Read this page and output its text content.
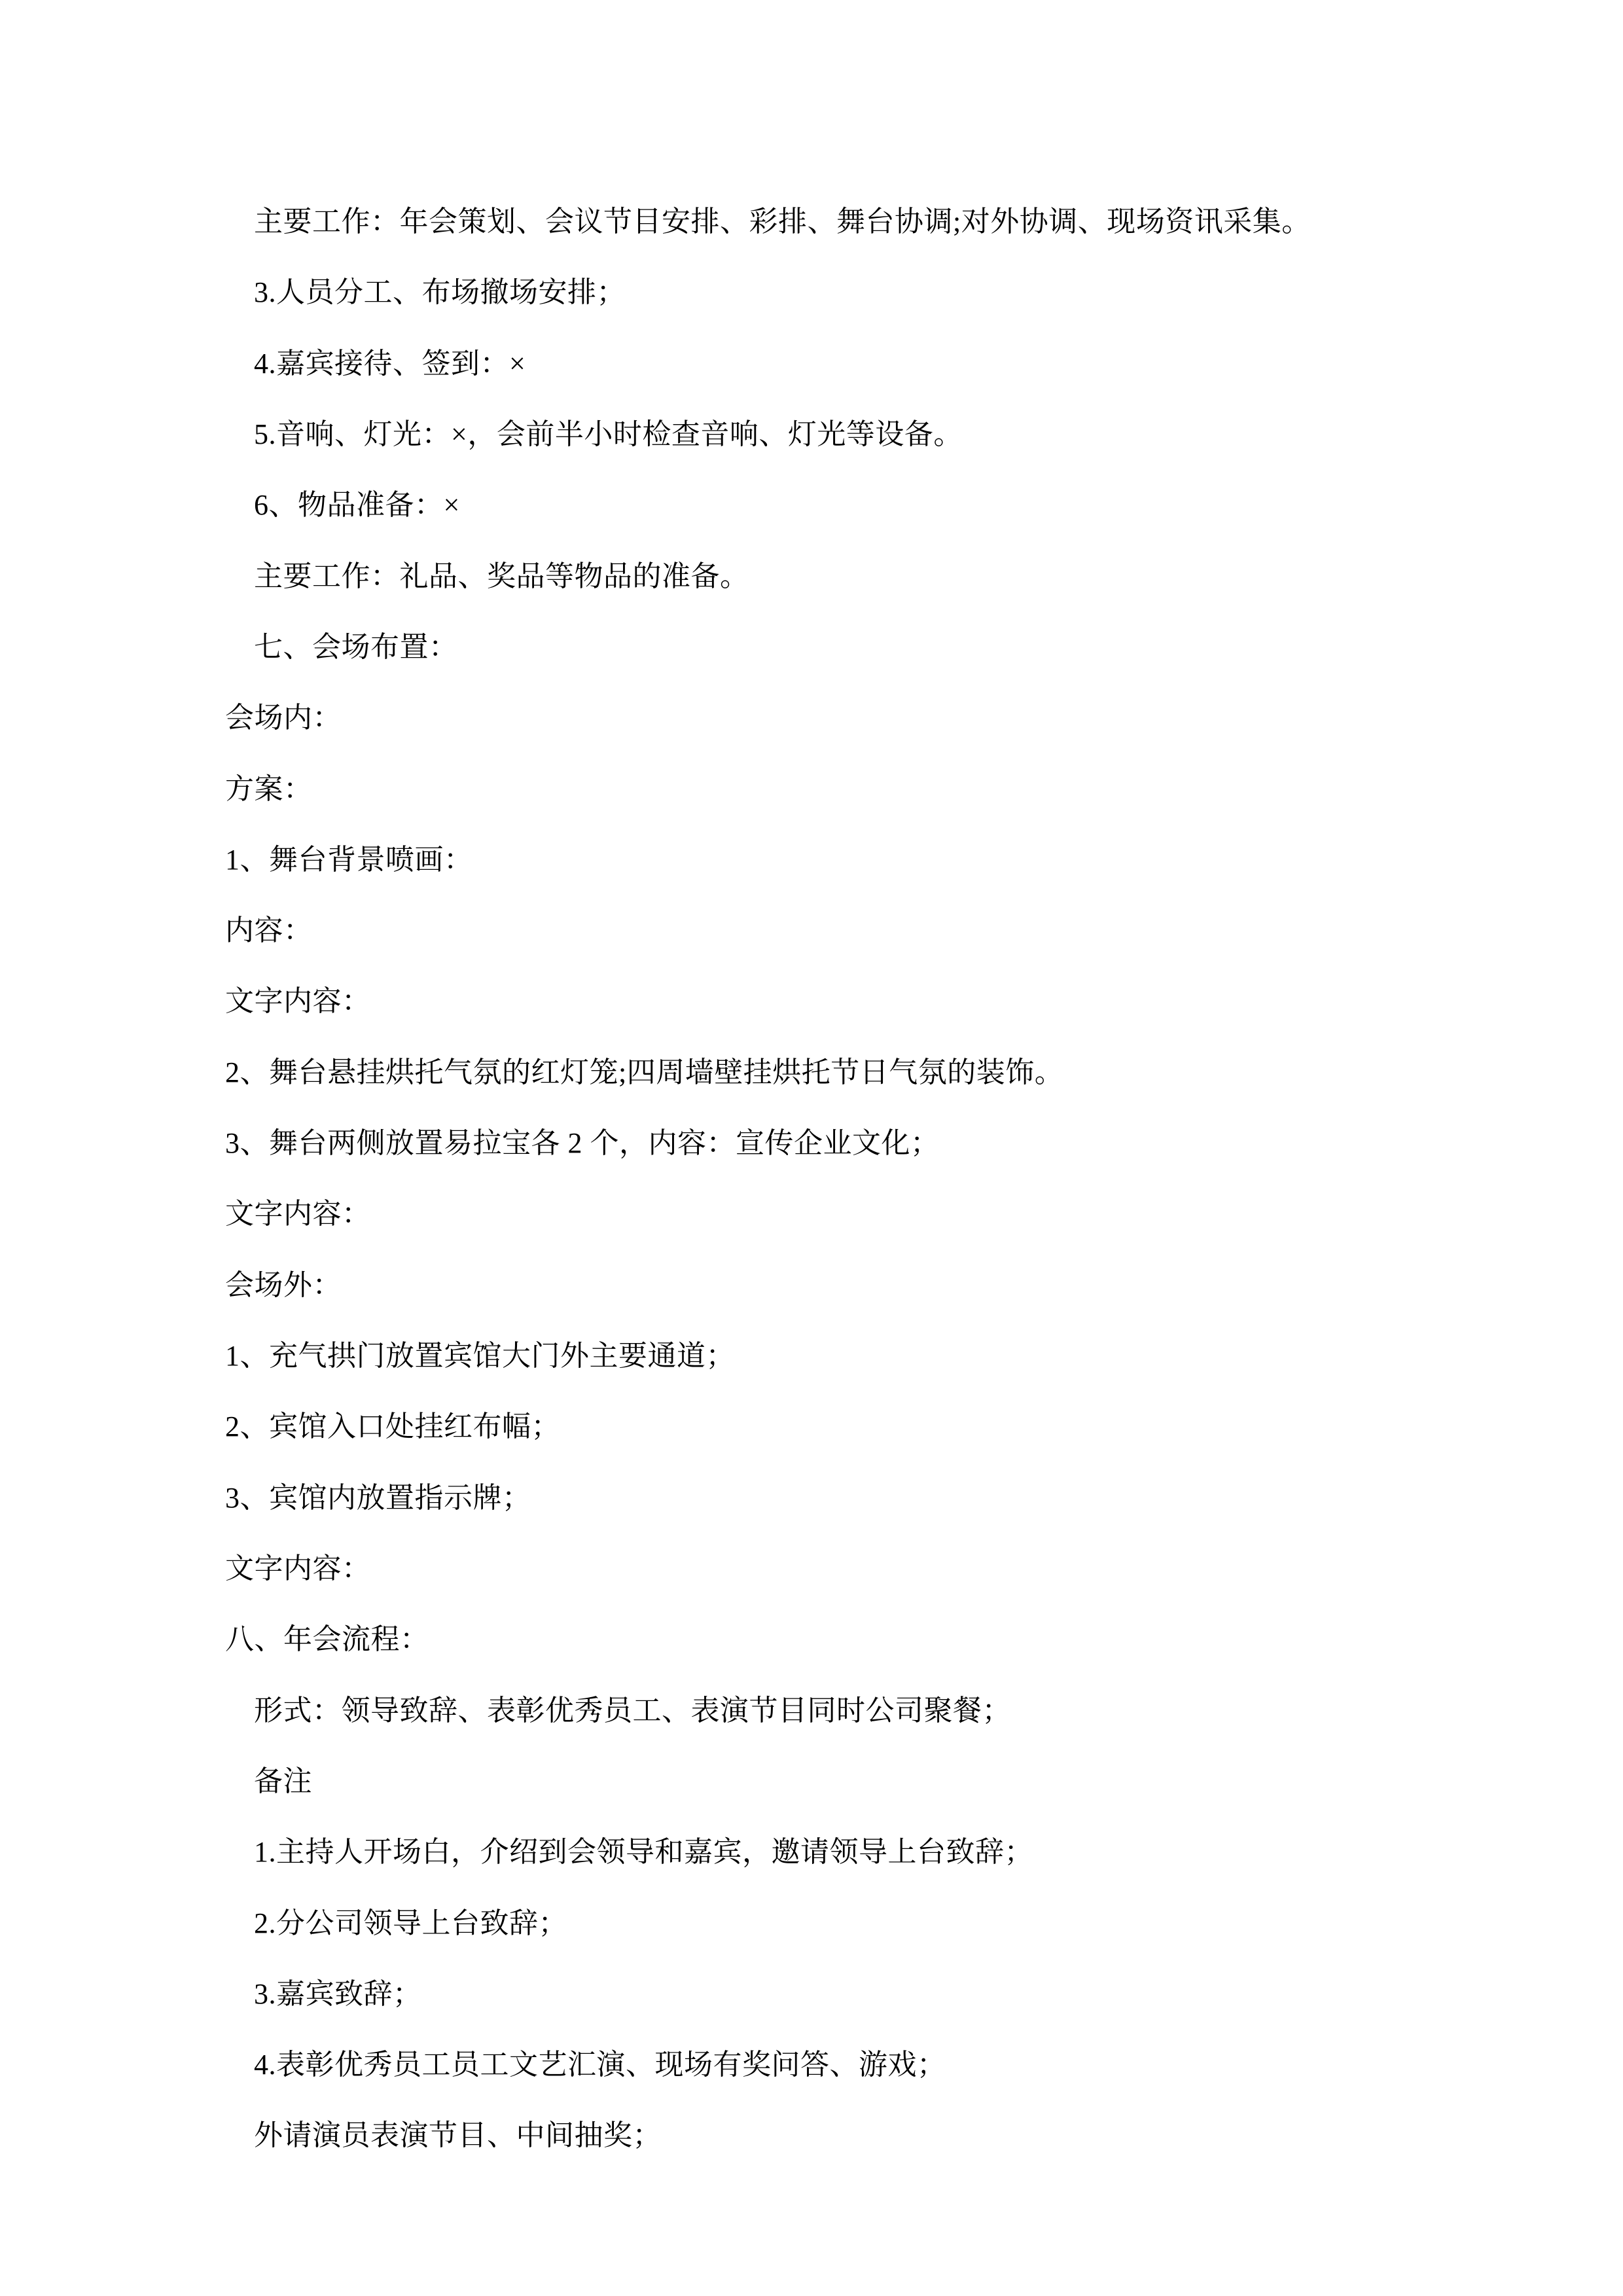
主要工作：年会策划、会议节目安排、彩排、舞台协调;对外协调、现场资讯采集。

3.人员分工、布场撤场安排；

4.嘉宾接待、签到：×

5.音响、灯光：×，会前半小时检查音响、灯光等设备。

6、物品准备：×

主要工作：礼品、奖品等物品的准备。

七、会场布置：

会场内：

方案：

1、舞台背景喷画：

内容：

文字内容：

2、舞台悬挂烘托气氛的红灯笼;四周墙壁挂烘托节日气氛的装饰。

3、舞台两侧放置易拉宝各 2 个，内容：宣传企业文化；

文字内容：

会场外：

1、充气拱门放置宾馆大门外主要通道；

2、宾馆入口处挂红布幅；

3、宾馆内放置指示牌；

文字内容：

八、年会流程：

形式：领导致辞、表彰优秀员工、表演节目同时公司聚餐；

备注

1.主持人开场白，介绍到会领导和嘉宾，邀请领导上台致辞；

2.分公司领导上台致辞；

3.嘉宾致辞；

4.表彰优秀员工员工文艺汇演、现场有奖问答、游戏；

外请演员表演节目、中间抽奖；
